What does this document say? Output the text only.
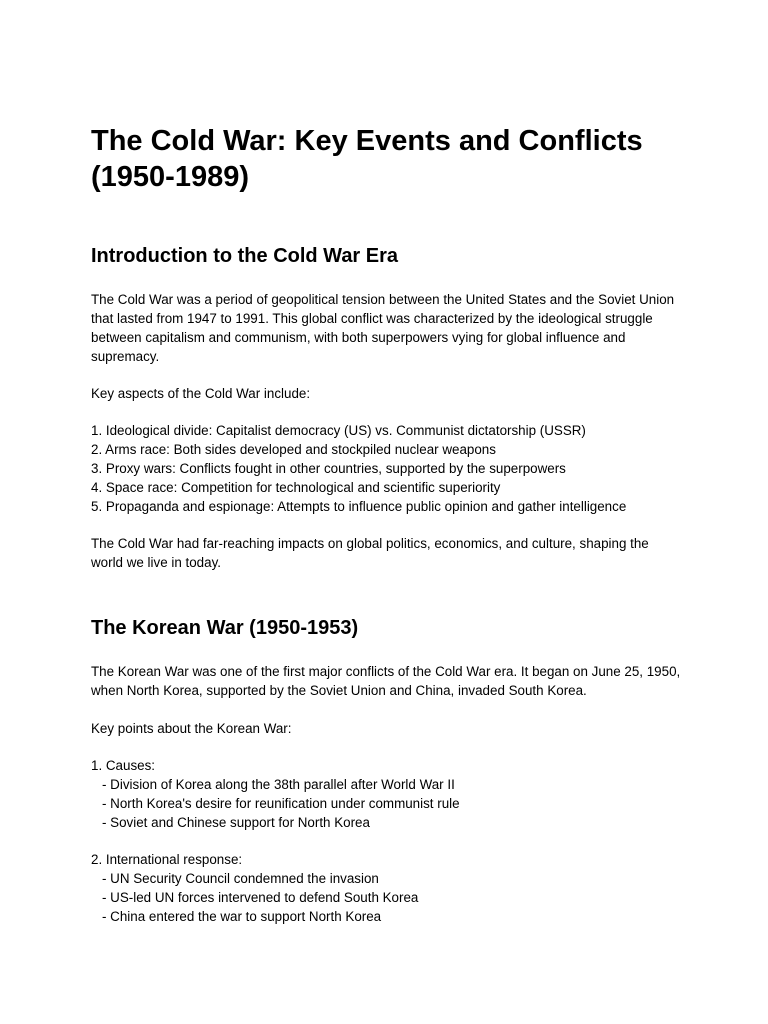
The Cold War: Key Events and Conflicts (1950-1989)
Introduction to the Cold War Era

The Cold War was a period of geopolitical tension between the United States and the Soviet Union that lasted from 1947 to 1991. This global conflict was characterized by the ideological struggle between capitalism and communism, with both superpowers vying for global influence and supremacy.

Key aspects of the Cold War include:

1. Ideological divide: Capitalist democracy (US) vs. Communist dictatorship (USSR)
2. Arms race: Both sides developed and stockpiled nuclear weapons
3. Proxy wars: Conflicts fought in other countries, supported by the superpowers
4. Space race: Competition for technological and scientific superiority
5. Propaganda and espionage: Attempts to influence public opinion and gather intelligence

The Cold War had far-reaching impacts on global politics, economics, and culture, shaping the world we live in today.

The Korean War (1950-1953)

The Korean War was one of the first major conflicts of the Cold War era. It began on June 25, 1950, when North Korea, supported by the Soviet Union and China, invaded South Korea.

Key points about the Korean War:

1. Causes:
- Division of Korea along the 38th parallel after World War II
- North Korea's desire for reunification under communist rule
- Soviet and Chinese support for North Korea
2. International response:
- UN Security Council condemned the invasion
- US-led UN forces intervened to defend South Korea
- China entered the war to support North Korea
